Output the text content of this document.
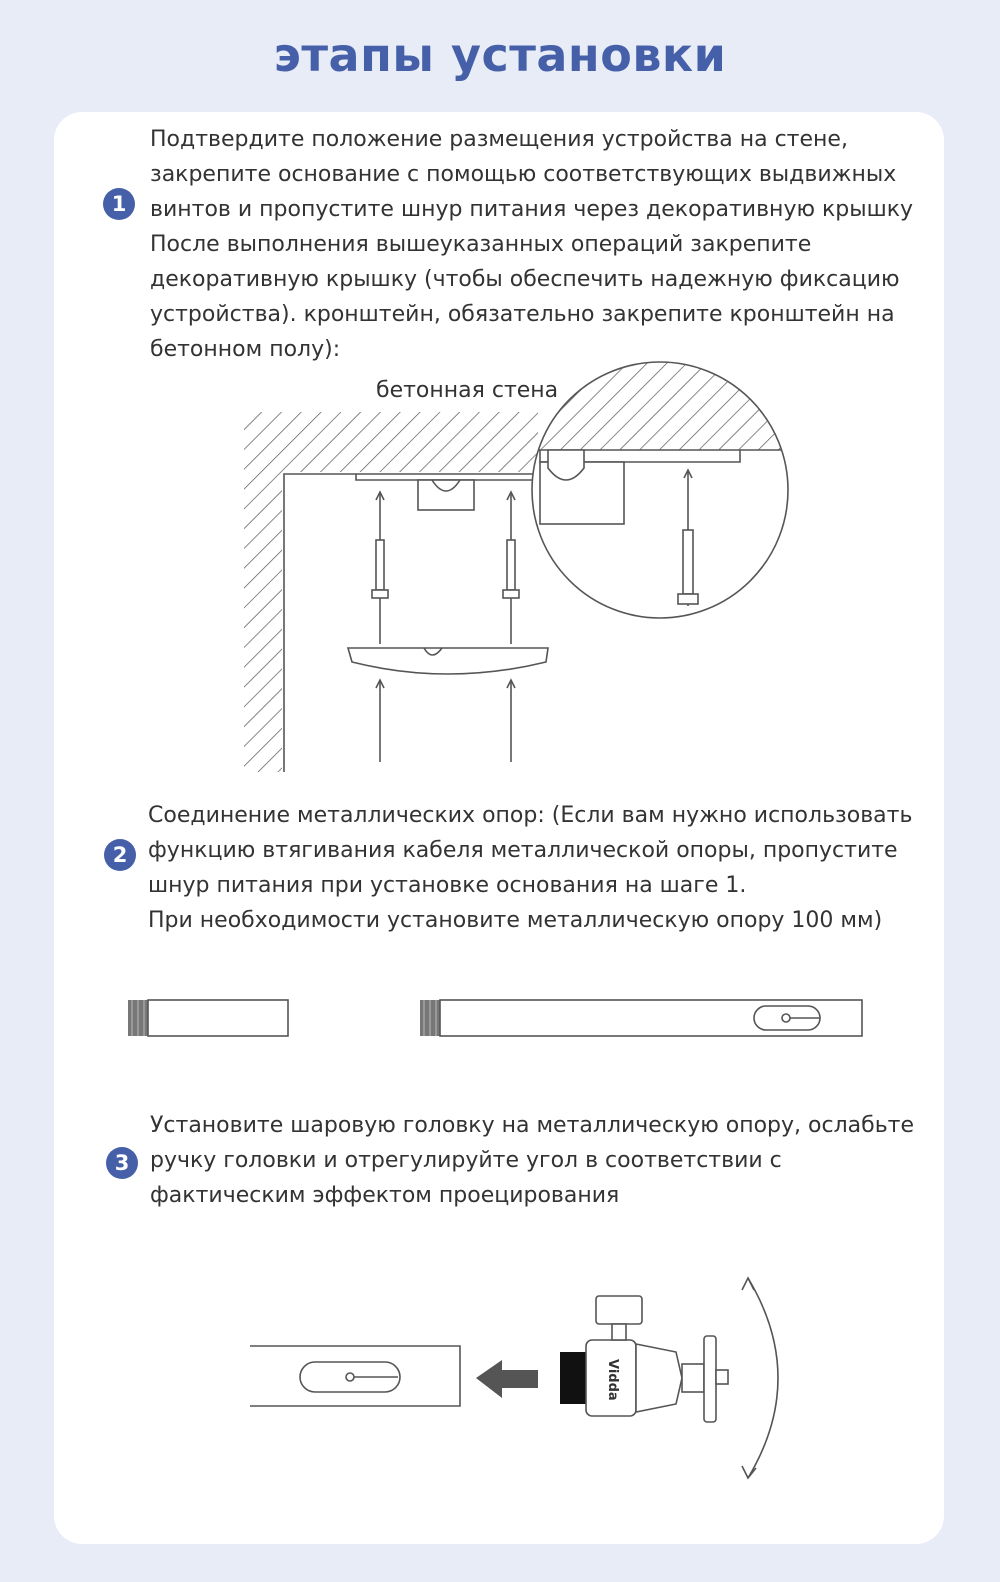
этапы установки
1

Подтвердите положение размещения устройства на стене,

закрепите основание с помощью соответствующих выдвижных

винтов и пропустите шнур питания через декоративную крышку

После выполнения вышеуказанных операций закрепите

декоративную крышку (чтобы обеспечить надежную фиксацию

устройства). кронштейн, обязательно закрепите кронштейн на

бетонном полу):

бетонная стена
Vidda
2

Соединение металлических опор: (Если вам нужно использовать

функцию втягивания кабеля металлической опоры, пропустите

шнур питания при установке основания на шаге 1.

При необходимости установите металлическую опору 100 мм)

3

Установите шаровую головку на металлическую опору, ослабьте

ручку головки и отрегулируйте угол в соответствии с

фактическим эффектом проецирования
